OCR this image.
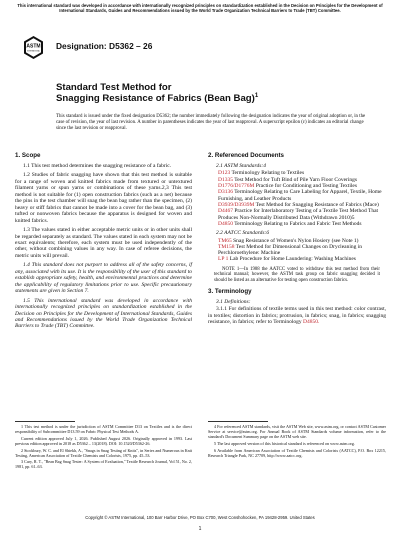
This international standard was developed in accordance with internationally recognized principles on standardization established in the Decision on Principles for the Development of International Standards, Guides and Recommendations issued by the World Trade Organization Technical Barriers to Trade (TBT) Committee.
ASTM
INTERNATIONAL
Designation: D5362 – 26
Standard Test Method for
Snagging Resistance of Fabrics (Bean Bag)$^1$
This standard is issued under the fixed designation D5362; the number immediately following the designation indicates the year of original adoption or, in the case of revision, the year of last revision. A number in parentheses indicates the year of last reapproval. A superscript epsilon (ε) indicates an editorial change since the last revision or reapproval.
1. Scope

1.1 This test method determines the snagging resistance of a fabric.

1.2 Studies of fabric snagging have shown that this test method is suitable for a range of woven and knitted fabrics made from textured or untextured filament yarns or spun yarns or combinations of these yarns.2,3 This test method is not suitable for (1) open construction fabrics (such as a net) because the pins in the test chamber will snag the bean bag rather than the specimen, (2) heavy or stiff fabrics that cannot be made into a cover for the bean bag, and (3) tufted or nonwoven fabrics because the apparatus is designed for woven and knitted fabrics.

1.3 The values stated in either acceptable metric units or in other units shall be regarded separately as standard. The values stated in each system may not be exact equivalents; therefore, each system must be used independently of the other, without combining values in any way. In case of referee decisions, the metric units will prevail.

1.4 This standard does not purport to address all of the safety concerns, if any, associated with its use. It is the responsibility of the user of this standard to establish appropriate safety, health, and environmental practices and determine the applicability of regulatory limitations prior to use. Specific precautionary statements are given in Section 7.

1.5 This international standard was developed in accordance with internationally recognized principles on standardization established in the Decision on Principles for the Development of International Standards, Guides and Recommendations issued by the World Trade Organization Technical Barriers to Trade (TBT) Committee.

2. Referenced Documents
2.1 ASTM Standards:4
D123 Terminology Relating to Textiles
D1335 Test Method for Tuft Bind of Pile Yarn Floor Coverings
D1776/D1776M Practice for Conditioning and Testing Textiles
D3136 Terminology Relating to Care Labeling for Apparel, Textile, Home Furnishing, and Leather Products
D3939/D3939M Test Method for Snagging Resistance of Fabrics (Mace)
D4467 Practice for Interlaboratory Testing of a Textile Test Method That Produces Non-Normally Distributed Data (Withdrawn 2010)5
D4850 Terminology Relating to Fabrics and Fabric Test Methods
2.2 AATCC Standards:6
TM65 Snag Resistance of Women's Nylon Hosiery (see Note 1)
TM158 Test Method for Dimensional Changes on Drycleaning in Perchloroethylene: Machine
LP 1 Lab Procedure for Home Laundering: Washing Machines

NOTE 1—In 1988 the AATCC voted to withdraw this test method from their technical manual; however, the ASTM task group on fabric snagging decided it should be listed as an alternative for testing open construction fabrics.

3. Terminology
3.1 Definitions:

3.1.1 For definitions of textile terms used in this test method: color contrast, in textiles; distortion in fabrics; protrusion, in fabrics; snag, in fabrics; snagging resistance, in fabrics; refer to Terminology D4850.

1 This test method is under the jurisdiction of ASTM Committee D13 on Textiles and is the direct responsibility of Subcommittee D13.59 on Fabric Physical Test Methods A.

Current edition approved July 1, 2026. Published August 2026. Originally approved in 1993. Last previous edition approved in 2018 as D5362 – 13(2018). DOI: 10.1520/D5362-26.

2 Stockbury, W. C. and El Shiekh, A., "Snags in Snag Testing of Knits", in Series and Numerous in Knit Testing, American Association of Textile Chemists and Colorists, 1975, pp. 45–53.

3 Cary, R. T., "Bean Bag Snag Tester: A System of Evaluation," Textile Research Journal, Vol 51, No. 2, 1981, pp. 61–63.

4 For referenced ASTM standards, visit the ASTM Web site, www.astm.org, or contact ASTM Customer Service at service@astm.org. For Annual Book of ASTM Standards volume information, refer to the standard's Document Summary page on the ASTM web site.

5 The last approved version of this historical standard is referenced on www.astm.org.

6 Available from American Association of Textile Chemists and Colorists (AATCC), P.O. Box 12215, Research Triangle Park, NC 27709, http://www.aatcc.org.

Copyright © ASTM International, 100 Barr Harbor Drive, PO Box C700, West Conshohocken, PA 19428-2959. United States
1
